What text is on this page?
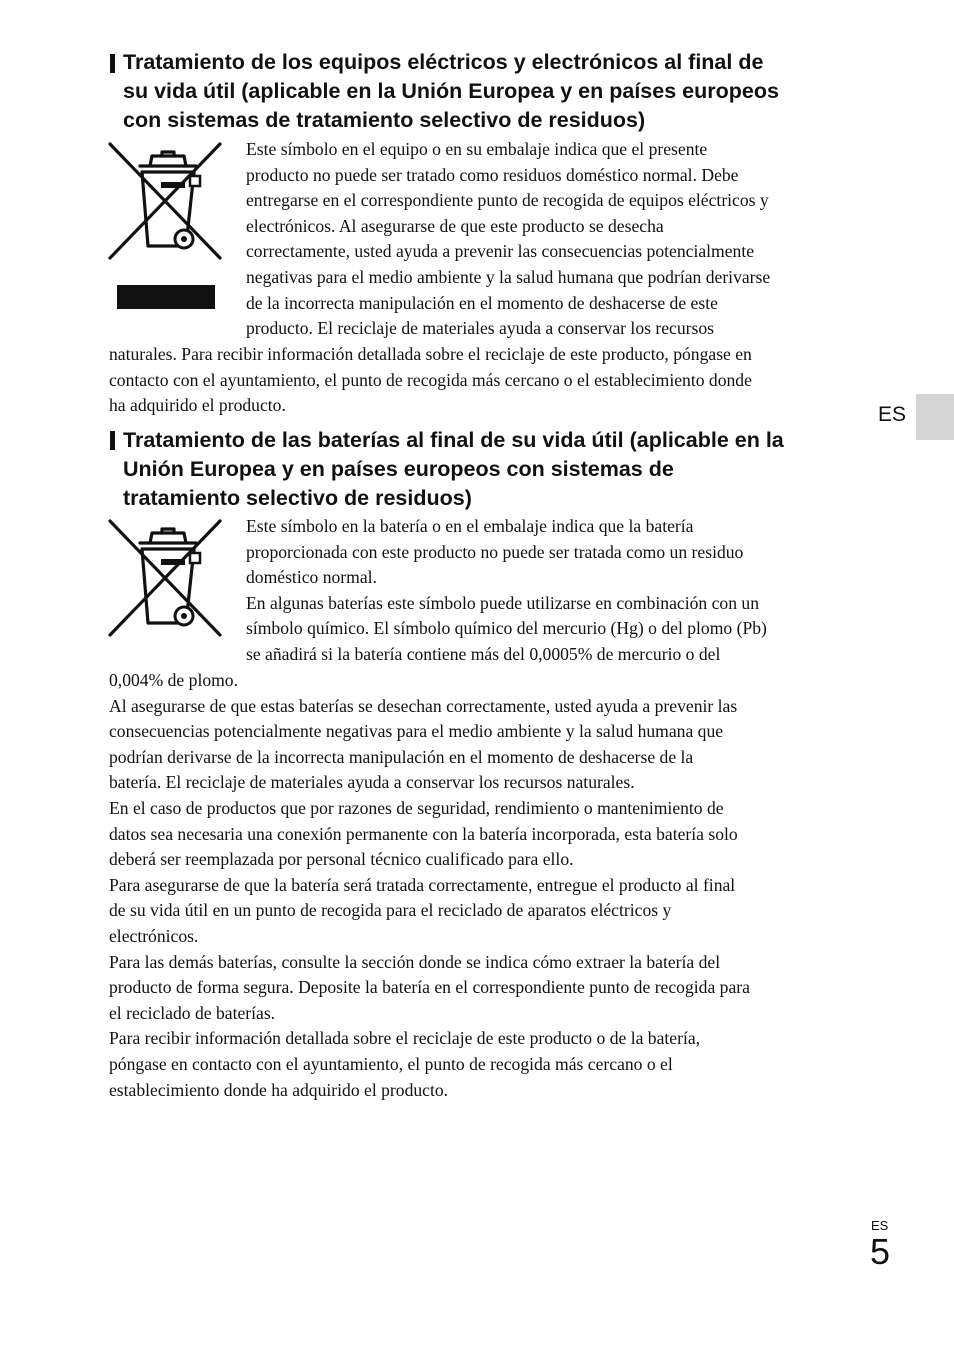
Tratamiento de los equipos eléctricos y electrónicos al final de
su vida útil (aplicable en la Unión Europea y en países europeos
con sistemas de tratamiento selectivo de residuos)

Este símbolo en el equipo o en su embalaje indica que el presente
producto no puede ser tratado como residuos doméstico normal. Debe
entregarse en el correspondiente punto de recogida de equipos eléctricos y
electrónicos. Al asegurarse de que este producto se desecha
correctamente, usted ayuda a prevenir las consecuencias potencialmente
negativas para el medio ambiente y la salud humana que podrían derivarse
de la incorrecta manipulación en el momento de deshacerse de este
producto. El reciclaje de materiales ayuda a conservar los recursos

naturales. Para recibir información detallada sobre el reciclaje de este producto, póngase en
contacto con el ayuntamiento, el punto de recogida más cercano o el establecimiento donde
ha adquirido el producto.	ES
Tratamiento de las baterías al final de su vida útil (aplicable en la
Unión Europea y en países europeos con sistemas de
tratamiento selectivo de residuos)

Este símbolo en la batería o en el embalaje indica que la batería
proporcionada con este producto no puede ser tratada como un residuo
doméstico normal.
En algunas baterías este símbolo puede utilizarse en combinación con un
símbolo químico. El símbolo químico del mercurio (Hg) o del plomo (Pb)
se añadirá si la batería contiene más del 0,0005% de mercurio o del

0,004% de plomo.
Al asegurarse de que estas baterías se desechan correctamente, usted ayuda a prevenir las
consecuencias potencialmente negativas para el medio ambiente y la salud humana que
podrían derivarse de la incorrecta manipulación en el momento de deshacerse de la
batería. El reciclaje de materiales ayuda a conservar los recursos naturales.
En el caso de productos que por razones de seguridad, rendimiento o mantenimiento de
datos sea necesaria una conexión permanente con la batería incorporada, esta batería solo
deberá ser reemplazada por personal técnico cualificado para ello.
Para asegurarse de que la batería será tratada correctamente, entregue el producto al final
de su vida útil en un punto de recogida para el reciclado de aparatos eléctricos y
electrónicos.
Para las demás baterías, consulte la sección donde se indica cómo extraer la batería del
producto de forma segura. Deposite la batería en el correspondiente punto de recogida para
el reciclado de baterías.
Para recibir información detallada sobre el reciclaje de este producto o de la batería,
póngase en contacto con el ayuntamiento, el punto de recogida más cercano o el
establecimiento donde ha adquirido el producto.

ES
5
